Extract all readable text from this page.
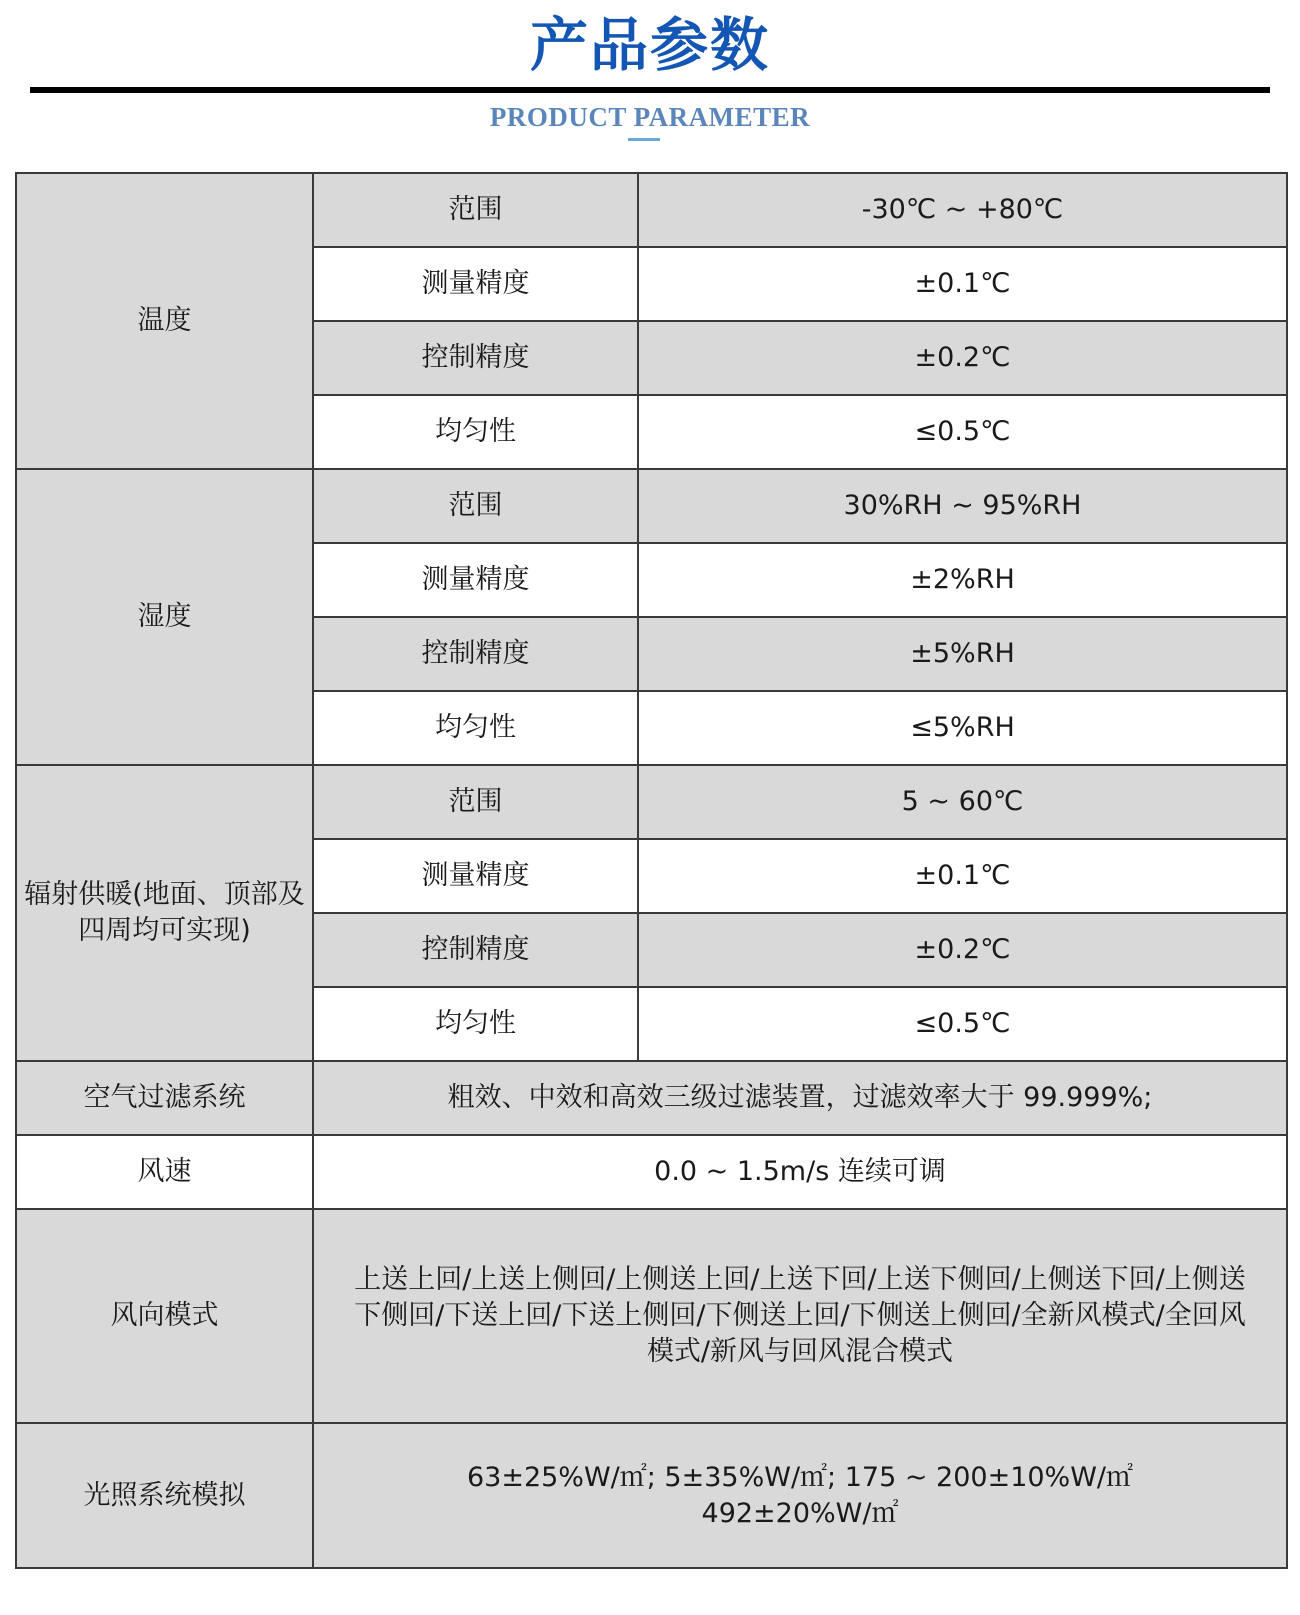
产品参数
PRODUCT PARAMETER
温度	范围	-30℃ ~ +80℃
	测量精度	±0.1℃
	控制精度	±0.2℃
	均匀性	≤0.5℃
湿度	范围	30%RH ~ 95%RH
	测量精度	±2%RH
	控制精度	±5%RH
	均匀性	≤5%RH

辐射供暖(地面、顶部及
四周均可实现)	范围	5 ~ 60℃
	测量精度	±0.1℃
	控制精度	±0.2℃
	均匀性	≤0.5℃
空气过滤系统	粗效、中效和高效三级过滤装置，过滤效率大于 99.999%;	
风速	0.0 ~ 1.5m/s 连续可调	
风向模式	上送上回/上送上侧回/上侧送上回/上送下回/上送下侧回/上侧送下回/上侧送
下侧回/下送上回/下送上侧回/下侧送上回/下侧送上侧回/全新风模式/全回风
模式/新风与回风混合模式	

光照系统模拟	63±25%W/㎡; 5±35%W/㎡; 175 ~ 200±10%W/㎡
492±20%W/㎡	
